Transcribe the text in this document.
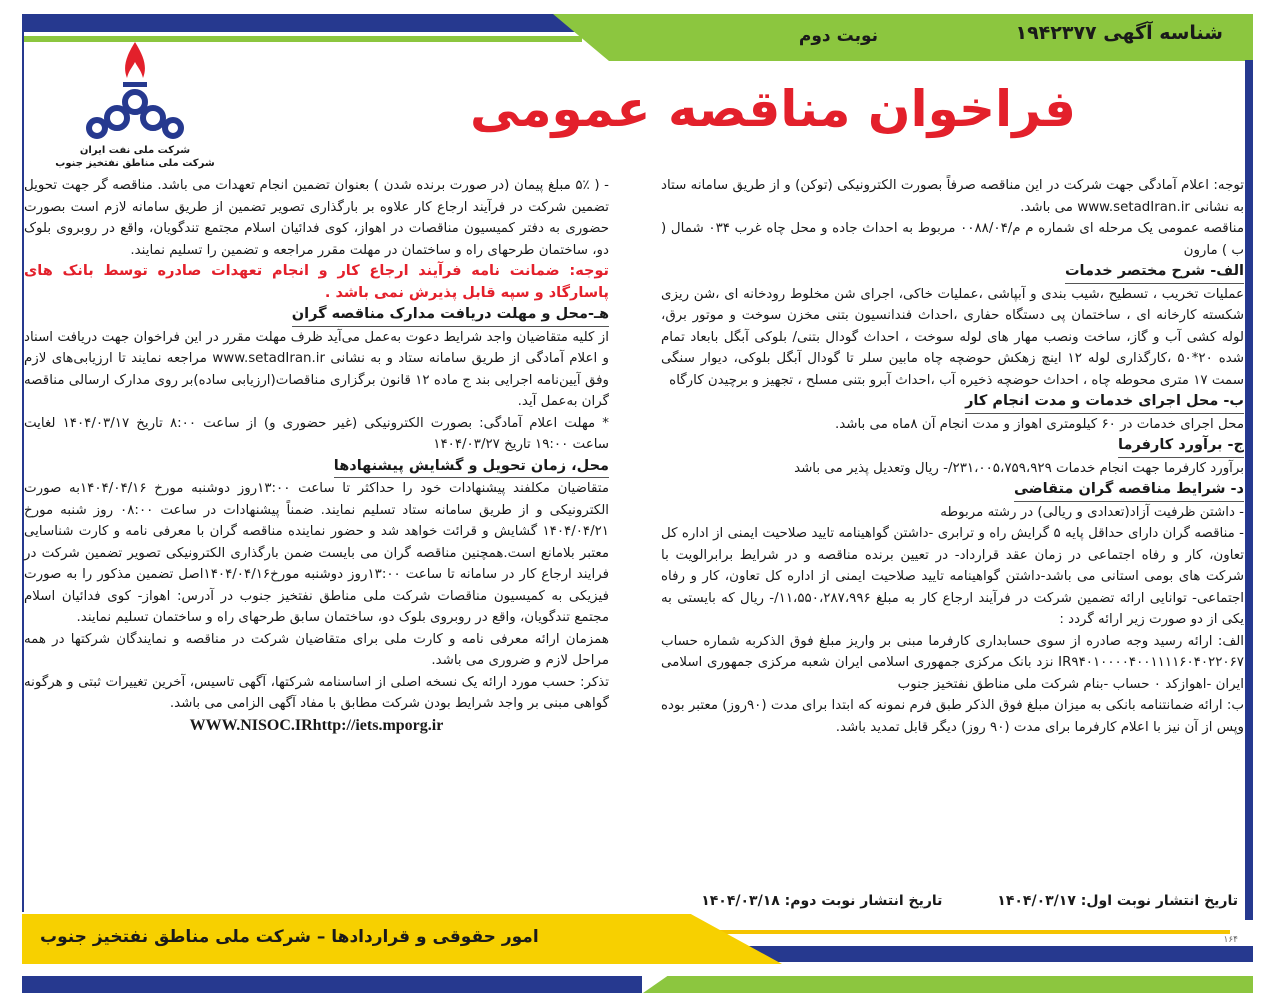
شناسه آگهی ۱۹۴۲۳۷۷
نوبت دوم
فراخوان مناقصه عمومی
شرکت ملی نفت ایران
شرکت ملی مناطق نفتخیز جنوب

توجه: اعلام آمادگی جهت شرکت در این مناقصه صرفاً بصورت الکترونیکی (توکن) و از طریق سامانه ستاد به نشانی www.setadIran.ir می باشد.

مناقصه عمومی یک مرحله ای شماره م م/۰۰۸۸/۰۴ مربوط به احداث جاده و محل چاه غرب ۰۳۴ شمال ( ب ) مارون

الف- شرح مختصر خدمات

عملیات تخریب ، تسطیح ،شیب بندی و آبپاشی ،عملیات خاکی، اجرای شن مخلوط رودخانه ای ،شن ریزی شکسته کارخانه ای ، ساختمان پی دستگاه حفاری ،احداث فندانسیون بتنی مخزن سوخت و موتور برق، لوله کشی آب و گاز، ساخت ونصب مهار های لوله سوخت ، احداث گودال بتنی/ بلوکی آبگل بابعاد تمام شده ۲۰*۵۰ ،کارگذاری لوله ۱۲ اینچ زهکش حوضچه چاه مابین سلر تا گودال آبگل بلوکی، دیوار سنگی سمت ۱۷ متری محوطه چاه ، احداث حوضچه ذخیره آب ،احداث آبرو بتنی مسلح ، تجهیز و برچیدن کارگاه

ب- محل اجرای خدمات و مدت انجام کار

محل اجرای خدمات در ۶۰ کیلومتری اهواز و مدت انجام آن ۸ماه می باشد.

ج- برآورد کارفرما

برآورد کارفرما جهت انجام خدمات ۲۳۱،۰۰۵،۷۵۹،۹۲۹/- ریال وتعدیل پذیر می باشد

د- شرایط مناقصه گران متقاضی

- داشتن ظرفیت آزاد(تعدادی و ریالی) در رشته مربوطه

- مناقصه گران دارای حداقل پایه ۵ گرایش راه و ترابری -داشتن گواهینامه تایید صلاحیت ایمنی از اداره کل تعاون، کار و رفاه اجتماعی در زمان عقد قرارداد- در تعیین برنده مناقصه و در شرایط برابرالویت با شرکت های بومی استانی می باشد-داشتن گواهینامه تایید صلاحیت ایمنی از اداره کل تعاون، کار و رفاه اجتماعی- توانایی ارائه تضمین شرکت در فرآیند ارجاع کار به مبلغ ۱۱،۵۵۰،۲۸۷،۹۹۶/- ریال که بایستی به یکی از دو صورت زیر ارائه گردد :

الف: ارائه رسید وجه صادره از سوی حسابداری کارفرما مبنی بر واریز مبلغ فوق الذکربه شماره حساب IR۹۴۰۱۰۰۰۰۴۰۰۱۱۱۱۶۰۴۰۲۲۰۶۷ نزد بانک مرکزی جمهوری اسلامی ایران شعبه مرکزی جمهوری اسلامی ایران -اهوازکد ۰ حساب -بنام شرکت ملی مناطق نفتخیز جنوب

ب: ارائه ضمانتنامه بانکی به میزان مبلغ فوق الذکر طبق فرم نمونه که ابتدا برای مدت (۹۰روز) معتبر بوده وپس از آن نیز با اعلام کارفرما برای مدت (۹۰ روز) دیگر قابل تمدید باشد.

- ( ۵٪ مبلغ پیمان (در صورت برنده شدن ) بعنوان تضمین انجام تعهدات می باشد. مناقصه گر جهت تحویل تضمین شرکت در فرآیند ارجاع کار علاوه بر بارگذاری تصویر تضمین از طریق سامانه لازم است بصورت حضوری به دفتر کمیسیون مناقصات در اهواز، کوی فدائیان اسلام مجتمع تندگویان، واقع در روبروی بلوک دو، ساختمان طرحهای راه و ساختمان در مهلت مقرر مراجعه و تضمین را تسلیم نمایند.

توجه: ضمانت نامه فرآیند ارجاع کار و انجام تعهدات صادره توسط بانک های پاسارگاد و سپه قابل پذیرش نمی باشد .

هـ-محل و مهلت دریافت مدارک مناقصه گران

از کلیه متقاضیان واجد شرایط دعوت به‌عمل می‌آید ظرف مهلت مقرر در این فراخوان جهت دریافت اسناد و اعلام آمادگی از طریق سامانه ستاد و به نشانی www.setadIran.ir مراجعه نمایند تا ارزیابی‌های لازم وفق آیین‌نامه اجرایی بند ج ماده ۱۲ قانون برگزاری مناقصات(ارزیابی ساده)بر روی مدارک ارسالی مناقصه گران به‌عمل آید.

* مهلت اعلام آمادگی: بصورت الکترونیکی (غیر حضوری و) از ساعت ۸:۰۰ تاریخ ۱۴۰۴/۰۳/۱۷ لغایت ساعت ۱۹:۰۰ تاریخ ۱۴۰۴/۰۳/۲۷

محل، زمان تحویل و گشایش پیشنهادها

متقاضیان مکلفند پیشنهادات خود را حداکثر تا ساعت ۱۳:۰۰روز دوشنبه مورخ ۱۴۰۴/۰۴/۱۶به صورت الکترونیکی و از طریق سامانه ستاد تسلیم نمایند. ضمناً پیشنهادات در ساعت ۰۸:۰۰ روز شنبه مورخ ۱۴۰۴/۰۴/۲۱ گشایش و قرائت خواهد شد و حضور نماینده مناقصه گران با معرفی نامه و کارت شناسایی معتبر بلامانع است.همچنین مناقصه گران می بایست ضمن بارگذاری الکترونیکی تصویر تضمین شرکت در فرایند ارجاع کار در سامانه تا ساعت ۱۳:۰۰روز دوشنبه مورخ۱۴۰۴/۰۴/۱۶اصل تضمین مذکور را به صورت فیزیکی به کمیسیون مناقصات شرکت ملی مناطق نفتخیز جنوب در آدرس: اهواز- کوی فدائیان اسلام مجتمع تندگویان، واقع در روبروی بلوک دو، ساختمان سابق طرحهای راه و ساختمان تسلیم نمایند.

همزمان ارائه معرفی نامه و کارت ملی برای متقاضیان شرکت در مناقصه و نمایندگان شرکتها در همه مراحل لازم و ضروری می باشد.

تذکر: حسب مورد ارائه یک نسخه اصلی از اساسنامه شرکتها، آگهی تاسیس، آخرین تغییرات ثبتی و هرگونه گواهی مبنی بر واجد شرایط بودن شرکت مطابق با مفاد آگهی الزامی می باشد.

WWW.NISOC.IRhttp://iets.mporg.ir

تاریخ انتشار نوبت اول: ۱۴۰۴/۰۳/۱۷ تاریخ انتشار نوبت دوم: ۱۴۰۴/۰۳/۱۸
۱۶۴
امور حقوقی و قراردادها – شرکت ملی مناطق نفتخیز جنوب
